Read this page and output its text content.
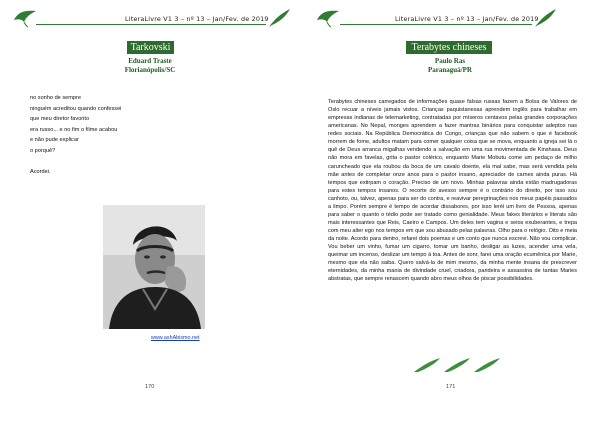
LiteraLivre V1 3 – nº 13 – Jan/Fev. de 2019
Tarkovski
Eduard Traste
Florianópolis/SC
no sonho de sempre
ninguém acreditou quando confessei
que meu diretor favorito
era russo... e no fim o filme acabou
e não pude explicar
o porquê?

Acordei.
www.ashAbismo.net
170
LiteraLivre V1 3 – nº 13 – Jan/Fev. de 2019
Terabytes chineses
Paulo Ras
Paranaguá/PR

Terabytes chineses carregados de informações quase falsas russas fazem a Bolsa de Valores de Oslo recuar a níveis jamais vistos. Crianças paquistanesas aprendem inglês para trabalhar em empresas indianas de telemarketing, contratadas por míseros centavos pelas grandes corporações americanas. No Nepal, monges aprendem a fazer mantras binários para conquistar adeptos nas redes sociais. Na República Democrática do Congo, crianças que não sabem o que é facebook morrem de fome, adultos matam para comer qualquer coisa que se mova, enquanto a igreja sei lá o quê de Deus arranca migalhas vendendo a salvação em uma rua movimentada de Kinshasa. Deus não mora em favelas, grita o pastor colérico, enquanto Marie Mobutu come um pedaço de milho caruncheado que ela roubou da boca de um cavalo doente, ela mal sabe, mas será vendida pela mãe antes de completar onze anos para o pastor insano, apreciador de carnes ainda puras. Há tempos que extirpam o coração. Preciso de um novo. Minhas palavras ainda estão madrugadoras para estes tempos insanos. O recorte do avesso sempre é o contrário do direito, por isso sou canhoto, ou, talvez, apenas para ser do contra, e reavivar peregrinações nos meus papéis passados a limpo. Porém sempre é tempo de acordar dissabores, por isso leréi um livro de Pessoa, apenas para saber o quanto o tédio pode ser tratado como genialidade. Meus fakes literários e literais são mais interessantes que Reis, Caeiro e Campos. Um deles tem vagina e seios exuberantes, e trepa com meu alter ego nos tempos em que sou abusado pelas palavras. Olho para o relógio. Oito e meia da noite. Acordo para dentro, refarei dois poemas e um conto que nunca escrevi. Não vou complicar. Vou beber um vinho, fumar um cigarro, tomar um banho, desligar as luzes, acender uma vela, queimar um incenso, deslizar um tempo à toa. Antes de sonr, farei uma oração ecumênica por Marie, mesmo que ela não saiba. Quero salvá-la de mim mesmo, da minha mente insana de prescrever eternidades, da minha mania de divindade cruel, criadora, parideira e assassina de tantas Maries abstratas, que sempre renascem quando abro meus olhos de piscar possibilidades.

171
